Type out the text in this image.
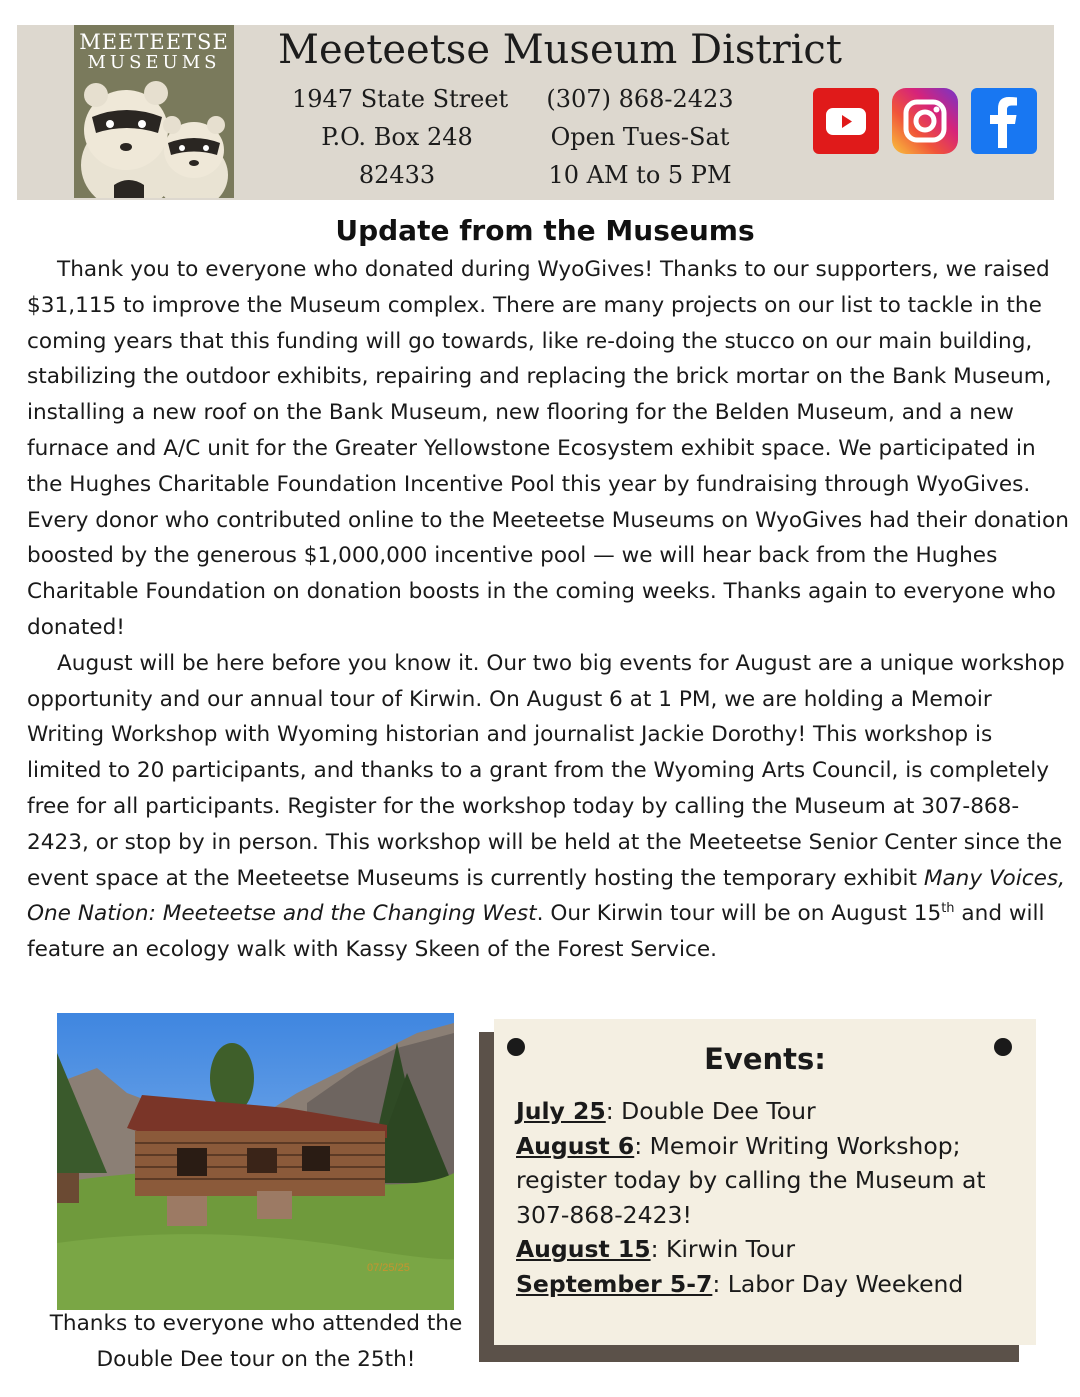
MEETEETSE
MUSEUMS	Meeteetse Museum District
1947 State Street
P.O. Box 248
82433
(307) 868-2423
Open Tues-Sat
10 AM to 5 PM
Update from the Museums

Thank you to everyone who donated during WyoGives! Thanks to our supporters, we raised $31,115 to improve the Museum complex. There are many projects on our list to tackle in the coming years that this funding will go towards, like re-doing the stucco on our main building, stabilizing the outdoor exhibits, repairing and replacing the brick mortar on the Bank Museum, installing a new roof on the Bank Museum, new flooring for the Belden Museum, and a new furnace and A/C unit for the Greater Yellowstone Ecosystem exhibit space. We participated in the Hughes Charitable Foundation Incentive Pool this year by fundraising through WyoGives. Every donor who contributed online to the Meeteetse Museums on WyoGives had their donation boosted by the generous $1,000,000 incentive pool — we will hear back from the Hughes Charitable Foundation on donation boosts in the coming weeks. Thanks again to everyone who donated!

August will be here before you know it. Our two big events for August are a unique workshop opportunity and our annual tour of Kirwin. On August 6 at 1 PM, we are holding a Memoir Writing Workshop with Wyoming historian and journalist Jackie Dorothy! This workshop is limited to 20 participants, and thanks to a grant from the Wyoming Arts Council, is completely free for all participants. Register for the workshop today by calling the Museum at 307-868-2423, or stop by in person. This workshop will be held at the Meeteetse Senior Center since the event space at the Meeteetse Museums is currently hosting the temporary exhibit Many Voices, One Nation: Meeteetse and the Changing West. Our Kirwin tour will be on August 15th and will feature an ecology walk with Kassy Skeen of the Forest Service.

07/25/25
Thanks to everyone who attended the Double Dee tour on the 25th!
Events:
July 25: Double Dee Tour
August 6: Memoir Writing Workshop; register today by calling the Museum at 307-868-2423!
August 15: Kirwin Tour
September 5-7: Labor Day Weekend
